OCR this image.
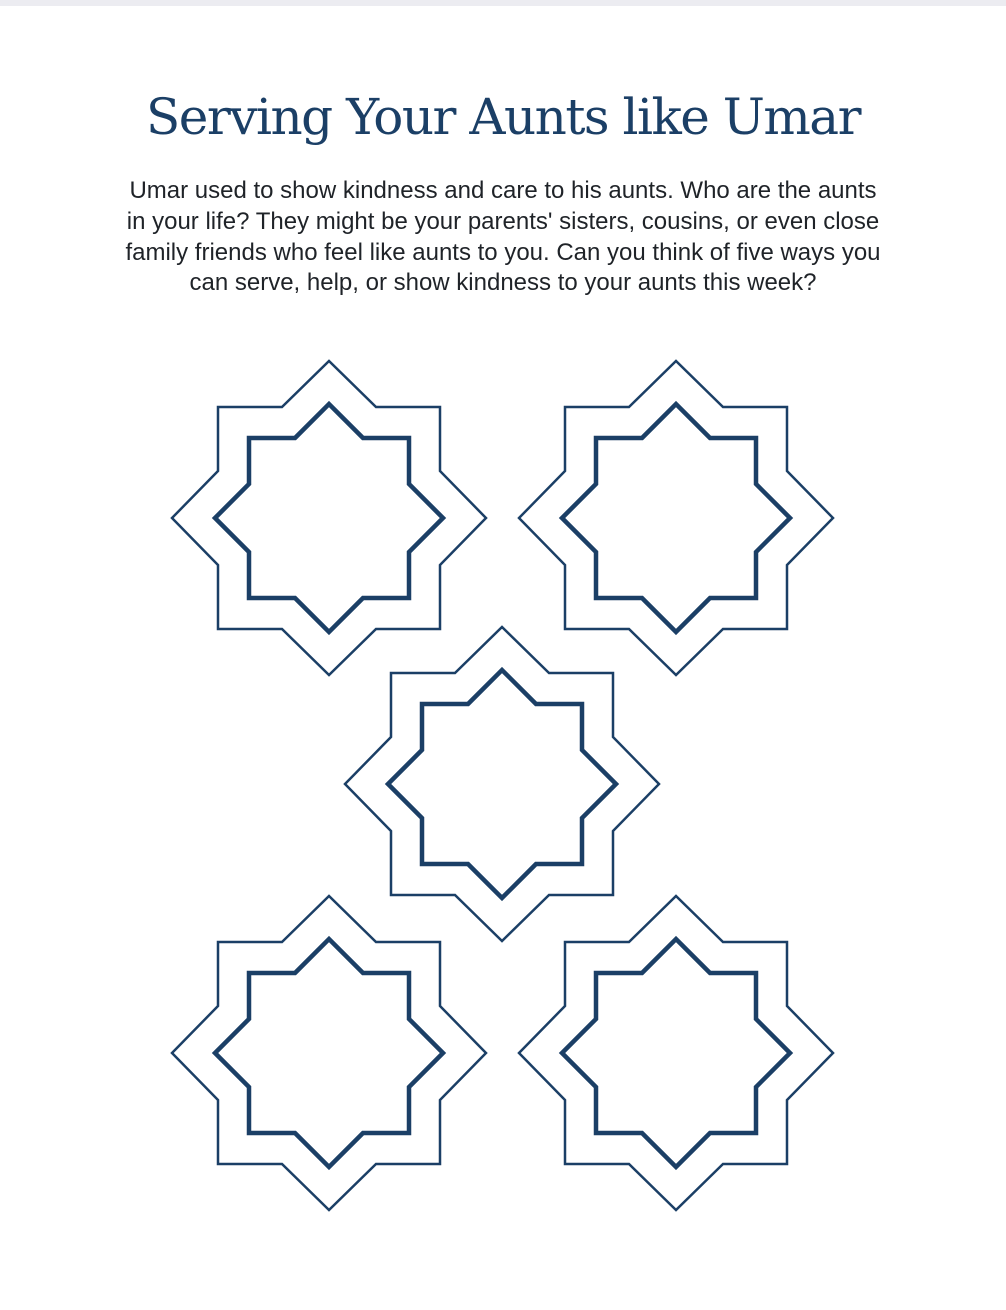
Serving Your Aunts like Umar

Umar used to show kindness and care to his aunts. Who are the aunts in your life? They might be your parents' sisters, cousins, or even close family friends who feel like aunts to you. Can you think of five ways you can serve, help, or show kindness to your aunts this week?
